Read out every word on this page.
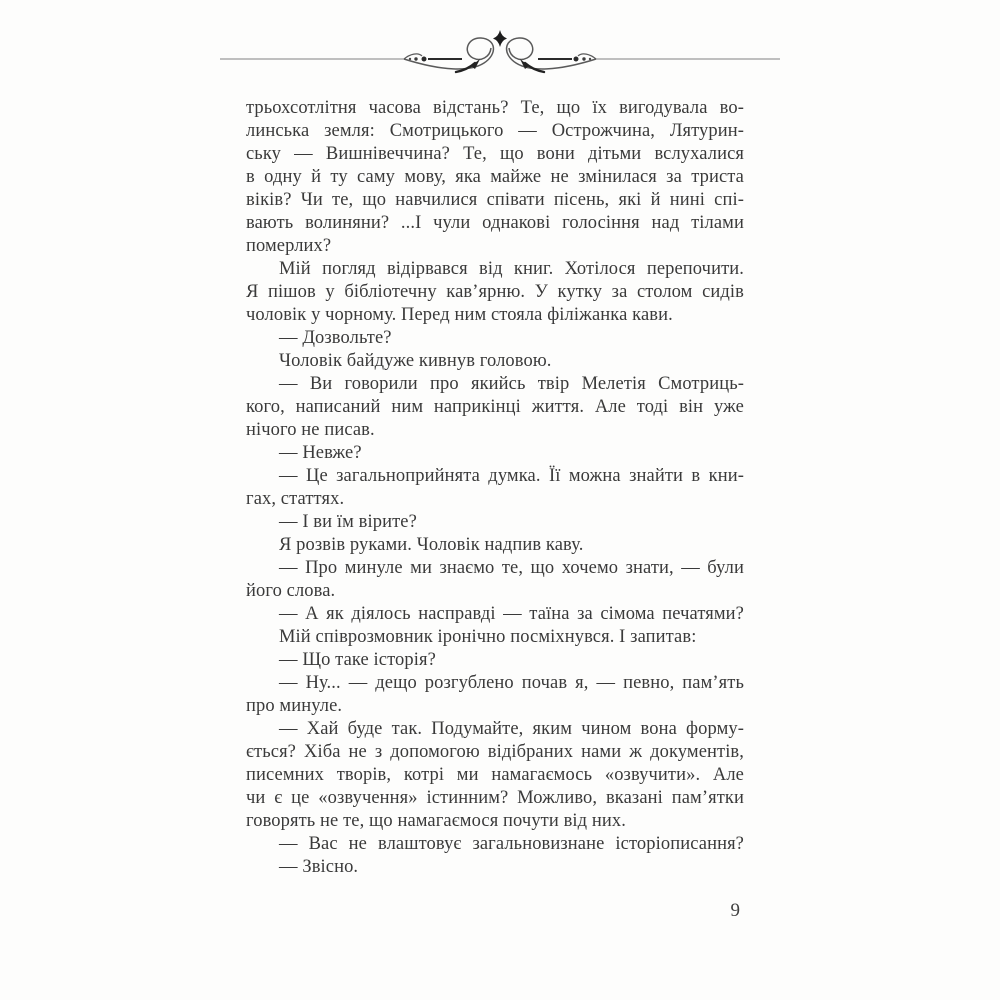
трьохсотлітня часова відстань? Те, що їх вигодувала во-
линська земля: Смотрицького — Острожчина, Лятурин-
ську — Вишнівеччина? Те, що вони дітьми вслухалися
в одну й ту саму мову, яка майже не змінилася за триста
віків? Чи те, що навчилися співати пісень, які й нині спі-
вають волиняни? ...І чули однакові голосіння над тілами
померлих?

Мій погляд відірвався від книг. Хотілося перепочити.
Я пішов у бібліотечну кав’ярню. У кутку за столом сидів
чоловік у чорному. Перед ним стояла філіжанка кави.

— Дозвольте?

Чоловік байдуже кивнув головою.

— Ви говорили про якийсь твір Мелетія Смотриць-
кого, написаний ним наприкінці життя. Але тоді він уже
нічого не писав.

— Невже?

— Це загальноприйнята думка. Її можна знайти в кни-
гах, статтях.

— І ви їм вірите?

Я розвів руками. Чоловік надпив каву.

— Про минуле ми знаємо те, що хочемо знати, — були
його слова.

— А як діялось насправді — таїна за сімома печатями?

Мій співрозмовник іронічно посміхнувся. І запитав:

— Що таке історія?

— Ну... — дещо розгублено почав я, — певно, пам’ять
про минуле.

— Хай буде так. Подумайте, яким чином вона форму-
ється? Хіба не з допомогою відібраних нами ж документів,
писемних творів, котрі ми намагаємось «озвучити». Але
чи є це «озвучення» істинним? Можливо, вказані пам’ятки
говорять не те, що намагаємося почути від них.

— Вас не влаштовує загальновизнане історіописання?

— Звісно.

9
